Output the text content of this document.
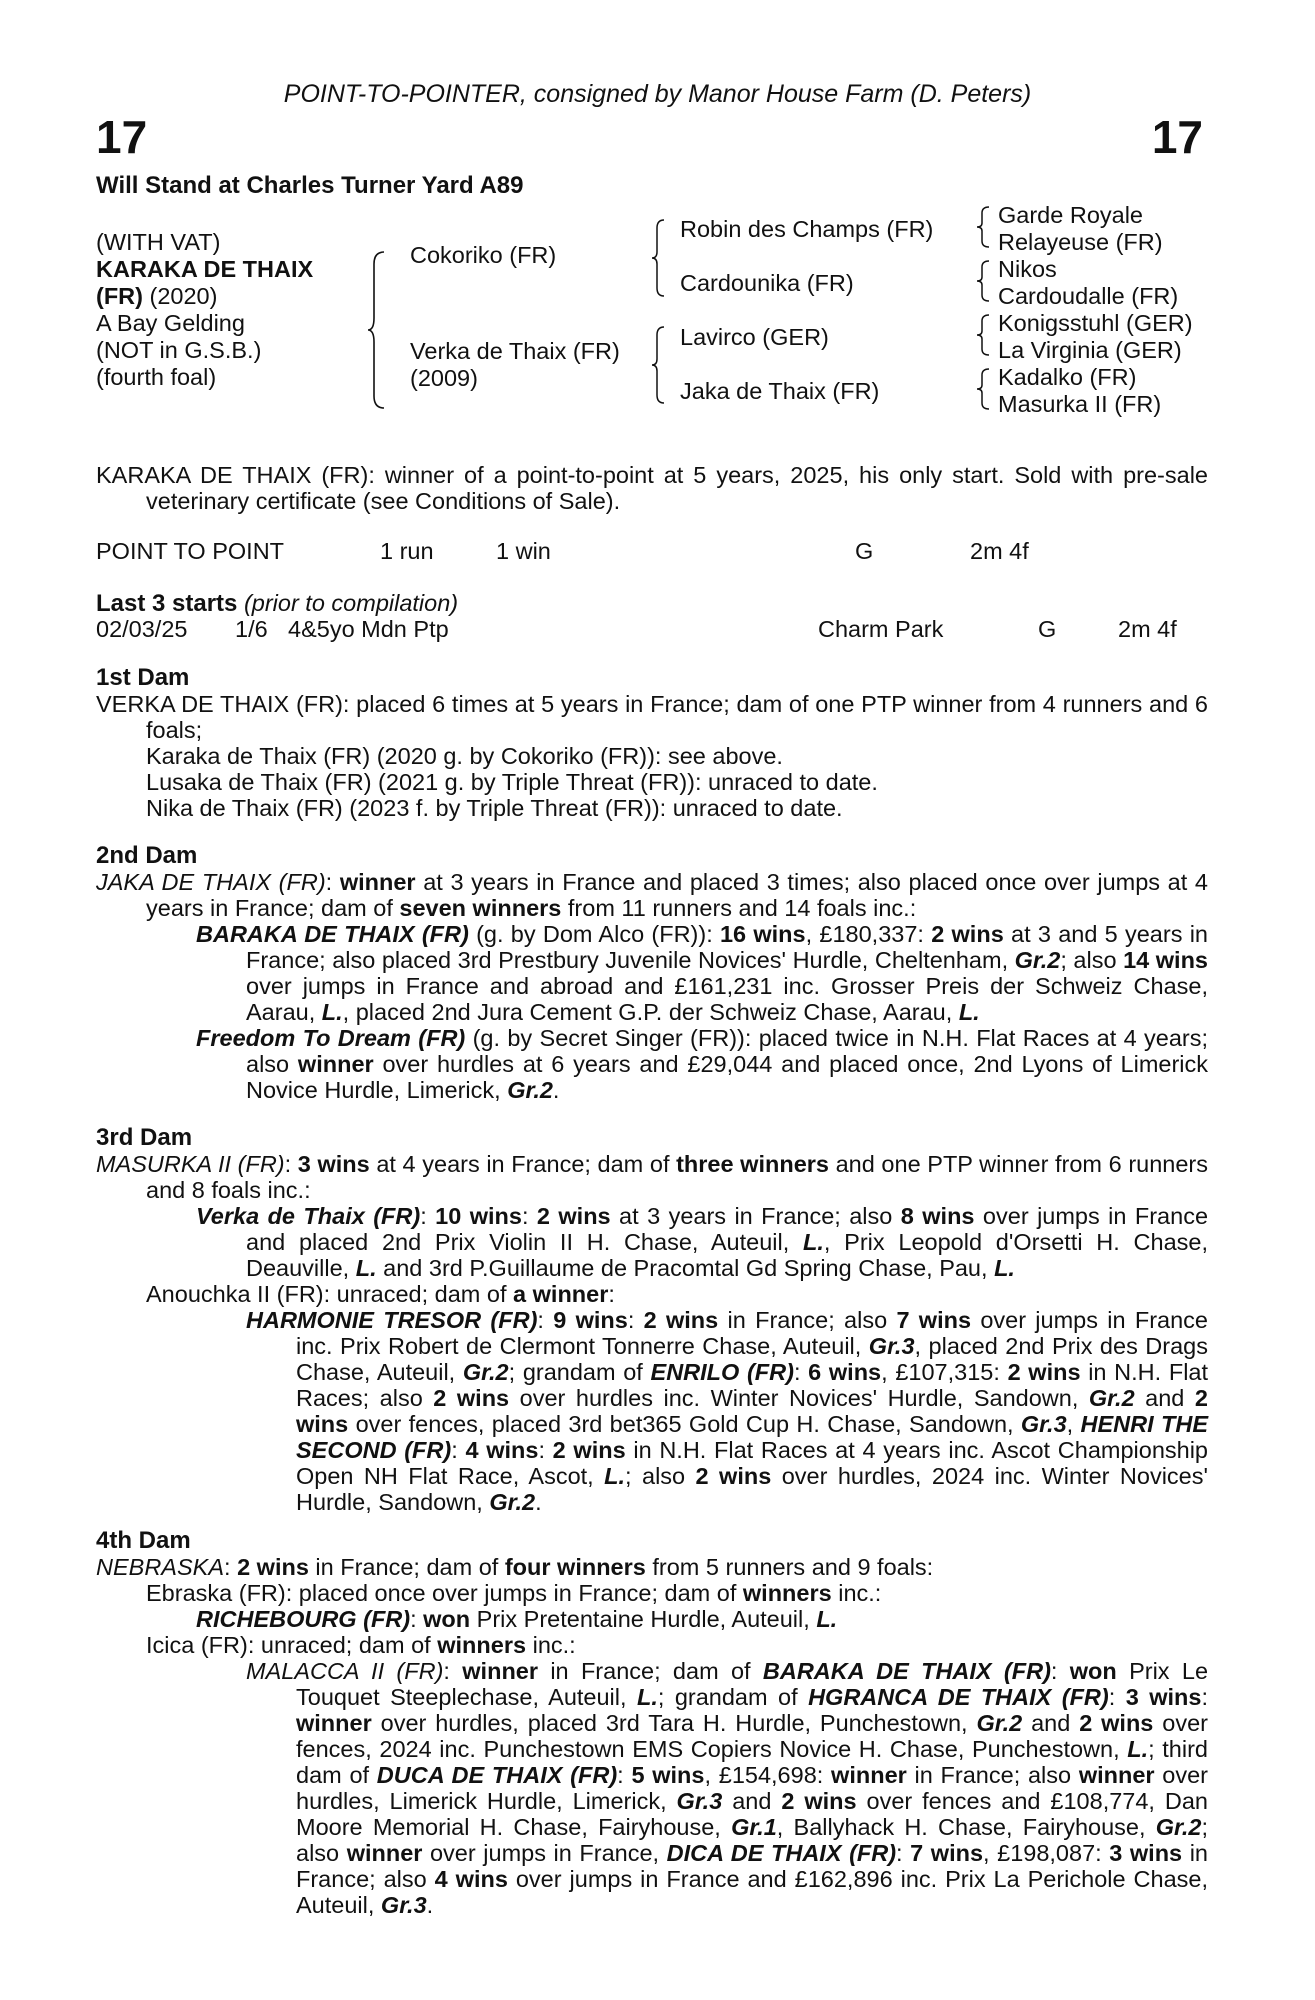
POINT-TO-POINTER, consigned by Manor House Farm (D. Peters)
17	17
Will Stand at Charles Turner Yard A89
(WITH VAT)
KARAKA DE THAIX
(FR) (2020)
A Bay Gelding
(NOT in G.S.B.)
(fourth foal)
Cokoriko (FR)
Verka de Thaix (FR)
(2009)
Robin des Champs (FR)
Cardounika (FR)
Lavirco (GER)
Jaka de Thaix (FR)
Garde Royale
Relayeuse (FR)
Nikos
Cardoudalle (FR)
Konigsstuhl (GER)
La Virginia (GER)
Kadalko (FR)
Masurka II (FR)

KARAKA DE THAIX (FR): winner of a point-to-point at 5 years, 2025, his only start. Sold with pre-sale veterinary certificate (see Conditions of Sale).

POINT TO POINT	1 run	1 win	G	2m 4f
Last 3 starts (prior to compilation)
02/03/25 1/6 4&5yo Mdn Ptp	Charm Park	G	2m 4f
1st Dam

VERKA DE THAIX (FR): placed 6 times at 5 years in France; dam of one PTP winner from 4 runners and 6 foals;

Karaka de Thaix (FR) (2020 g. by Cokoriko (FR)): see above.

Lusaka de Thaix (FR) (2021 g. by Triple Threat (FR)): unraced to date.

Nika de Thaix (FR) (2023 f. by Triple Threat (FR)): unraced to date.

2nd Dam

JAKA DE THAIX (FR): winner at 3 years in France and placed 3 times; also placed once over jumps at 4 years in France; dam of seven winners from 11 runners and 14 foals inc.:

BARAKA DE THAIX (FR) (g. by Dom Alco (FR)): 16 wins, £180,337: 2 wins at 3 and 5 years in France; also placed 3rd Prestbury Juvenile Novices' Hurdle, Cheltenham, Gr.2; also 14 wins over jumps in France and abroad and £161,231 inc. Grosser Preis der Schweiz Chase, Aarau, L., placed 2nd Jura Cement G.P. der Schweiz Chase, Aarau, L.

Freedom To Dream (FR) (g. by Secret Singer (FR)): placed twice in N.H. Flat Races at 4 years; also winner over hurdles at 6 years and £29,044 and placed once, 2nd Lyons of Limerick Novice Hurdle, Limerick, Gr.2.

3rd Dam

MASURKA II (FR): 3 wins at 4 years in France; dam of three winners and one PTP winner from 6 runners and 8 foals inc.:

Verka de Thaix (FR): 10 wins: 2 wins at 3 years in France; also 8 wins over jumps in France and placed 2nd Prix Violin II H. Chase, Auteuil, L., Prix Leopold d'Orsetti H. Chase, Deauville, L. and 3rd P.Guillaume de Pracomtal Gd Spring Chase, Pau, L.

Anouchka II (FR): unraced; dam of a winner:

HARMONIE TRESOR (FR): 9 wins: 2 wins in France; also 7 wins over jumps in France inc. Prix Robert de Clermont Tonnerre Chase, Auteuil, Gr.3, placed 2nd Prix des Drags Chase, Auteuil, Gr.2; grandam of ENRILO (FR): 6 wins, £107,315: 2 wins in N.H. Flat Races; also 2 wins over hurdles inc. Winter Novices' Hurdle, Sandown, Gr.2 and 2 wins over fences, placed 3rd bet365 Gold Cup H. Chase, Sandown, Gr.3, HENRI THE SECOND (FR): 4 wins: 2 wins in N.H. Flat Races at 4 years inc. Ascot Championship Open NH Flat Race, Ascot, L.; also 2 wins over hurdles, 2024 inc. Winter Novices' Hurdle, Sandown, Gr.2.

4th Dam

NEBRASKA: 2 wins in France; dam of four winners from 5 runners and 9 foals:

Ebraska (FR): placed once over jumps in France; dam of winners inc.:

RICHEBOURG (FR): won Prix Pretentaine Hurdle, Auteuil, L.

Icica (FR): unraced; dam of winners inc.:

MALACCA II (FR): winner in France; dam of BARAKA DE THAIX (FR): won Prix Le Touquet Steeplechase, Auteuil, L.; grandam of HGRANCA DE THAIX (FR): 3 wins: winner over hurdles, placed 3rd Tara H. Hurdle, Punchestown, Gr.2 and 2 wins over fences, 2024 inc. Punchestown EMS Copiers Novice H. Chase, Punchestown, L.; third dam of DUCA DE THAIX (FR): 5 wins, £154,698: winner in France; also winner over hurdles, Limerick Hurdle, Limerick, Gr.3 and 2 wins over fences and £108,774, Dan Moore Memorial H. Chase, Fairyhouse, Gr.1, Ballyhack H. Chase, Fairyhouse, Gr.2; also winner over jumps in France, DICA DE THAIX (FR): 7 wins, £198,087: 3 wins in France; also 4 wins over jumps in France and £162,896 inc. Prix La Perichole Chase, Auteuil, Gr.3.
